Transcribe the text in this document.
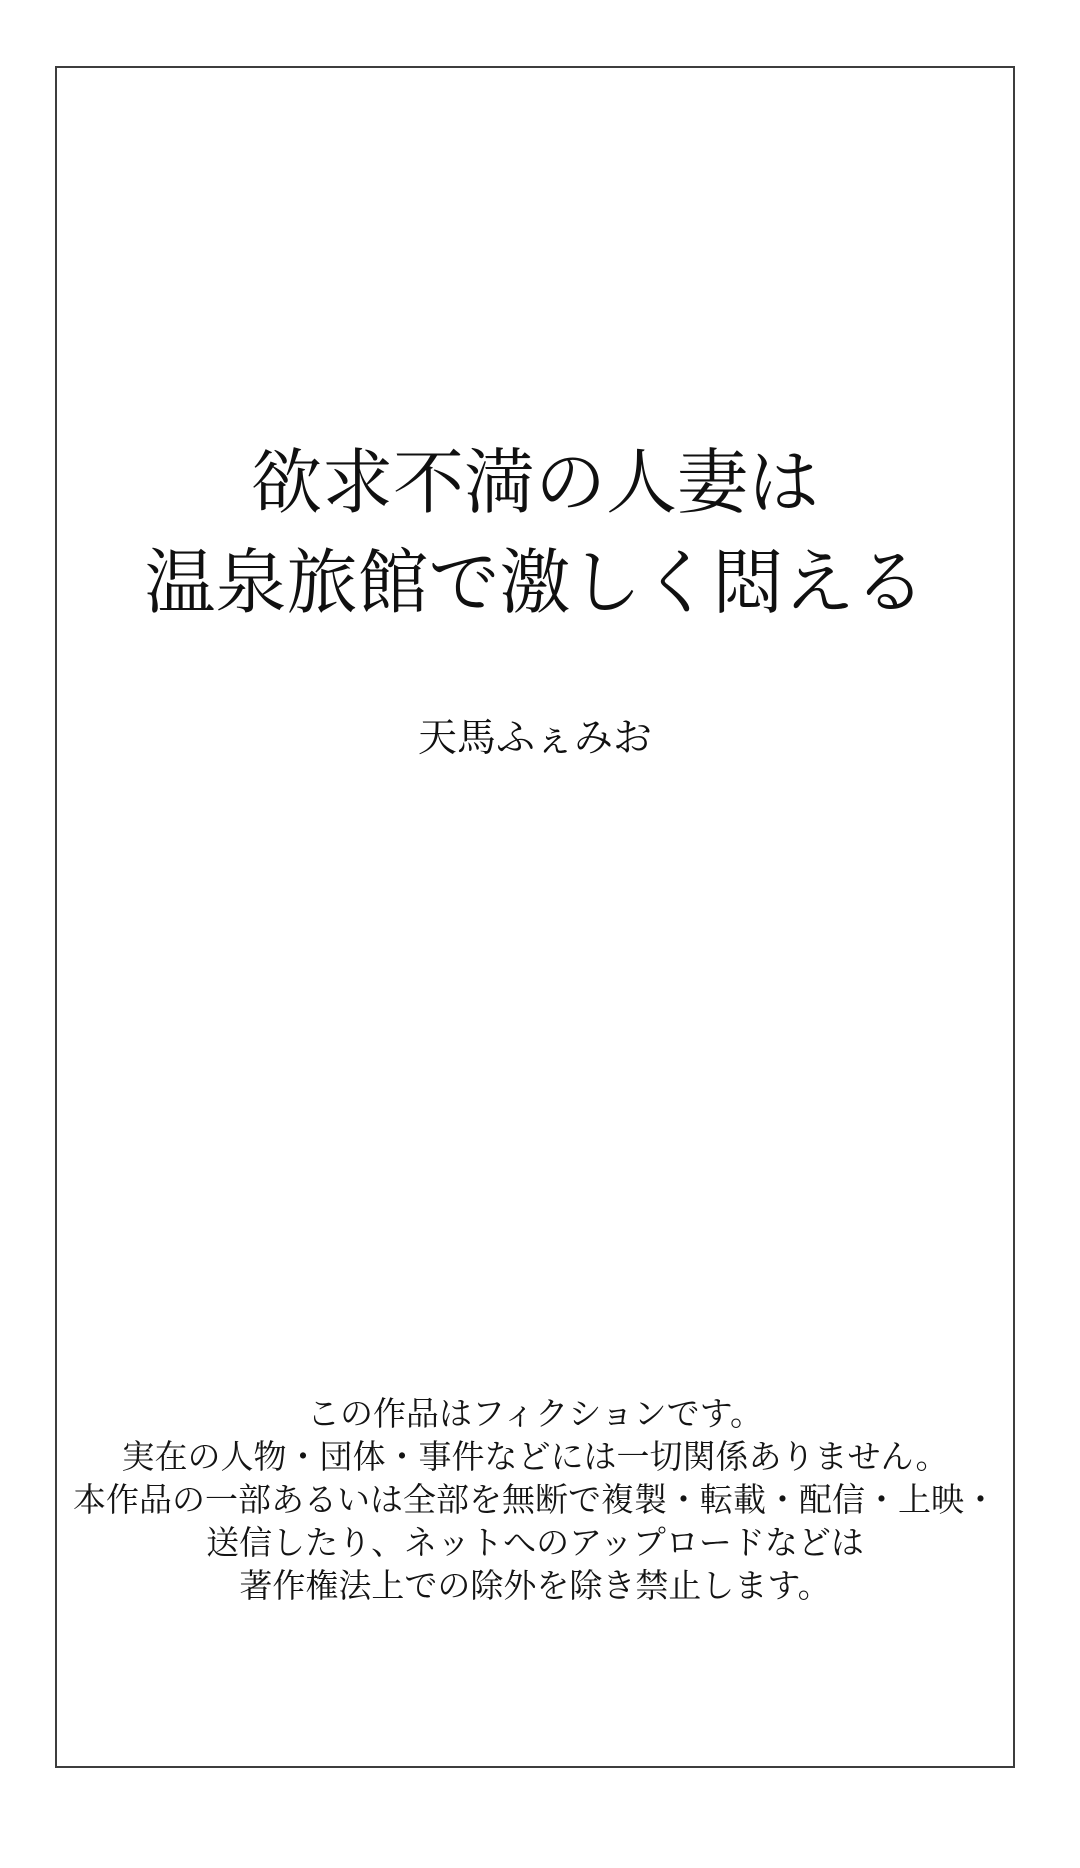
欲求不満の人妻は
温泉旅館で激しく悶える
天馬ふぇみお
この作品はフィクションです。
実在の人物・団体・事件などには一切関係ありません。
本作品の一部あるいは全部を無断で複製・転載・配信・上映・
送信したり、ネットへのアップロードなどは
著作権法上での除外を除き禁止します。
